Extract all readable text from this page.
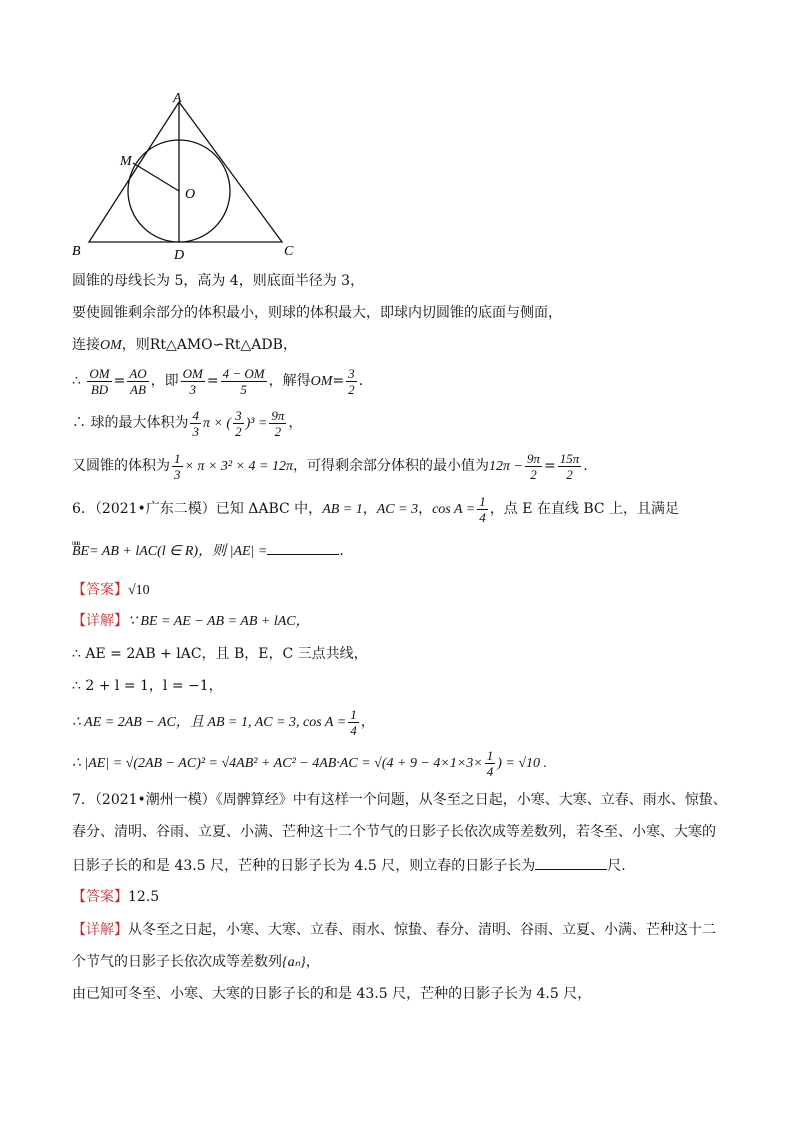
A
M
O
B	D	C
圆锥的母线长为 5，高为 4，则底面半径为 3，
要使圆锥剩余部分的体积最小，则球的体积最大，即球内切圆锥的底面与侧面，
连接OM，则Rt△AMO∽Rt△ADB，
∴ $\frac{OM}{BD} = \frac{AO}{AB}$ ，即 $\frac{OM}{3} = \frac{4 - OM}{5}$ ，解得$OM= \frac{3}{2}$ .
∴ 球的最大体积为 $\frac{4}{3}$ π × ( $\frac{3}{2} )^3 = \frac{9\pi}{2}$ ，
又圆锥的体积为 $\frac{1}{3} \times \pi \times 3^2 \times 4 = 12\pi$，可得剩余部分体积的最小值为$12\pi - \frac{9\pi}{2} = \frac{15\pi}{2}$ .
6．（2021•广东二模）已知 ΔABC 中，AB = 1，AC = 3，$\cos A = \frac{1}{4}$ ，点 E 在直线 BC 上，且满足
uuu BE= AB + lAC(l ∈ R)，则 |AE| =	.
【答案】√10
【详解】∵ BE = AE − AB = AB + lAC，
∴ AE = 2AB + lAC，且 B，E，C 三点共线，
∴ 2 + l = 1，l = −1，
∴ AE = 2AB − AC，且 AB = 1, AC = 3, $\cos A = \frac{1}{4}$ ，
∴ $|AE| = √(2AB - AC)^2 = √4AB^2 + AC^2 - 4AB\cdot AC = √(4 + 9 - 4\times 1\times 3\times \frac{1}{4}$ ) = √10 .
7．（2021•潮州一模）《周髀算经》中有这样一个问题，从冬至之日起，小寒、大寒、立春、雨水、惊蛰、
春分、清明、谷雨、立夏、小满、芒种这十二个节气的日影子长依次成等差数列，若冬至、小寒、大寒的
日影子长的和是 43.5 尺，芒种的日影子长为 4.5 尺，则立春的日影子长为	尺.
【答案】12.5
【详解】从冬至之日起，小寒、大寒、立春、雨水、惊蛰、春分、清明、谷雨、立夏、小满、芒种这十二
个节气的日影子长依次成等差数列{aₙ}，
由已知可冬至、小寒、大寒的日影子长的和是 43.5 尺，芒种的日影子长为 4.5 尺，
